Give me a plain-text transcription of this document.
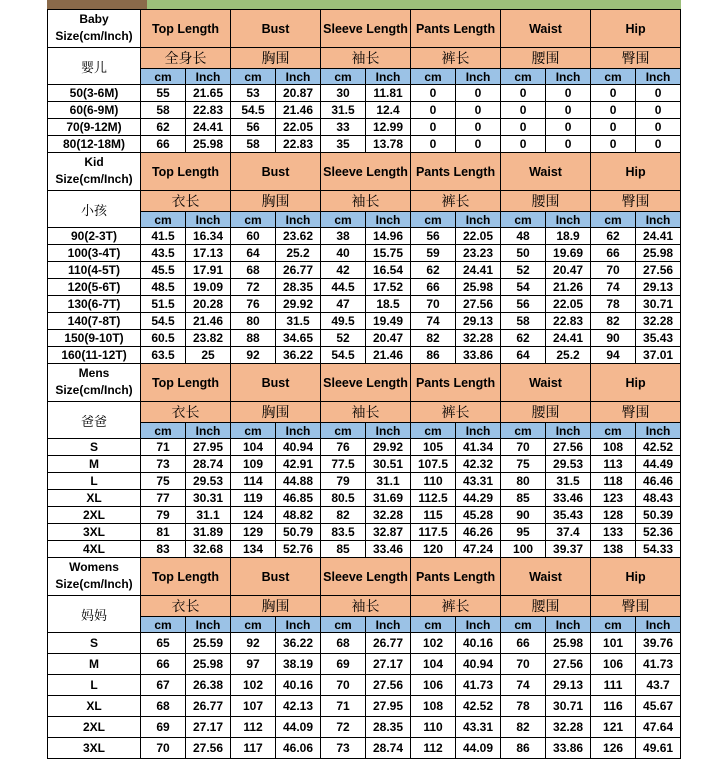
Baby
Size(cm/Inch)	Top Length		Bust		Sleeve Length		Pants Length		Waist		Hip	
婴儿	全身长		胸围		袖长		裤长		腰围		臀围	
	cm	Inch	cm	Inch	cm	Inch	cm	Inch	cm	Inch	cm	Inch
50(3-6M)	55	21.65	53	20.87	30	11.81	0	0	0	0	0	0
60(6-9M)	58	22.83	54.5	21.46	31.5	12.4	0	0	0	0	0	0
70(9-12M)	62	24.41	56	22.05	33	12.99	0	0	0	0	0	0
80(12-18M)	66	25.98	58	22.83	35	13.78	0	0	0	0	0	0

Kid
Size(cm/Inch)	Top Length		Bust		Sleeve Length		Pants Length		Waist		Hip	
小孩	衣长		胸围		袖长		裤长		腰围		臀围	
	cm	Inch	cm	Inch	cm	Inch	cm	Inch	cm	Inch	cm	Inch
90(2-3T)	41.5	16.34	60	23.62	38	14.96	56	22.05	48	18.9	62	24.41
100(3-4T)	43.5	17.13	64	25.2	40	15.75	59	23.23	50	19.69	66	25.98
110(4-5T)	45.5	17.91	68	26.77	42	16.54	62	24.41	52	20.47	70	27.56
120(5-6T)	48.5	19.09	72	28.35	44.5	17.52	66	25.98	54	21.26	74	29.13
130(6-7T)	51.5	20.28	76	29.92	47	18.5	70	27.56	56	22.05	78	30.71
140(7-8T)	54.5	21.46	80	31.5	49.5	19.49	74	29.13	58	22.83	82	32.28
150(9-10T)	60.5	23.82	88	34.65	52	20.47	82	32.28	62	24.41	90	35.43
160(11-12T)	63.5	25	92	36.22	54.5	21.46	86	33.86	64	25.2	94	37.01

Mens
Size(cm/Inch)	Top Length		Bust		Sleeve Length		Pants Length		Waist		Hip	
爸爸	衣长		胸围		袖长		裤长		腰围		臀围	
	cm	Inch	cm	Inch	cm	Inch	cm	Inch	cm	Inch	cm	Inch
S	71	27.95	104	40.94	76	29.92	105	41.34	70	27.56	108	42.52
M	73	28.74	109	42.91	77.5	30.51	107.5	42.32	75	29.53	113	44.49
L	75	29.53	114	44.88	79	31.1	110	43.31	80	31.5	118	46.46
XL	77	30.31	119	46.85	80.5	31.69	112.5	44.29	85	33.46	123	48.43
2XL	79	31.1	124	48.82	82	32.28	115	45.28	90	35.43	128	50.39
3XL	81	31.89	129	50.79	83.5	32.87	117.5	46.26	95	37.4	133	52.36
4XL	83	32.68	134	52.76	85	33.46	120	47.24	100	39.37	138	54.33

Womens
Size(cm/Inch)	Top Length		Bust		Sleeve Length		Pants Length		Waist		Hip	
妈妈	衣长		胸围		袖长		裤长		腰围		臀围	
	cm	Inch	cm	Inch	cm	Inch	cm	Inch	cm	Inch	cm	Inch
S	65	25.59	92	36.22	68	26.77	102	40.16	66	25.98	101	39.76
M	66	25.98	97	38.19	69	27.17	104	40.94	70	27.56	106	41.73
L	67	26.38	102	40.16	70	27.56	106	41.73	74	29.13	111	43.7
XL	68	26.77	107	42.13	71	27.95	108	42.52	78	30.71	116	45.67
2XL	69	27.17	112	44.09	72	28.35	110	43.31	82	32.28	121	47.64
3XL	70	27.56	117	46.06	73	28.74	112	44.09	86	33.86	126	49.61
